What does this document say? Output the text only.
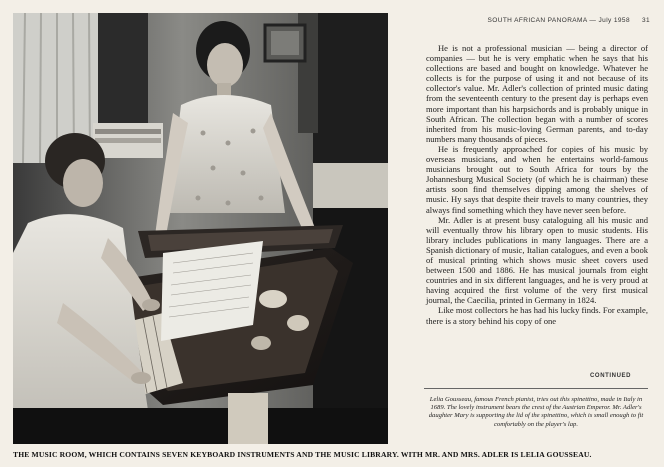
SOUTH AFRICAN PANORAMA — July 1958 31

He is not a professional musician — being a director of companies — but he is very emphatic when he says that his collections are based and bought on knowledge. Whatever he collects is for the purpose of using it and not because of its collector's value. Mr. Adler's collection of printed music dating from the seventeenth century to the present day is perhaps even more important than his harpsichords and is probably unique in South African. The collection began with a number of scores inherited from his music-loving German parents, and to-day numbers many thousands of pieces.

He is frequently approached for copies of his music by overseas musicians, and when he entertains world-famous musicians brought out to South Africa for tours by the Johannesburg Musical Society (of which he is chairman) these artists soon find themselves dipping among the shelves of music. Hy says that despite their travels to many countries, they always find something which they have never seen before.

Mr. Adler is at present busy cataloguing all his music and will eventually throw his library open to music students. His library includes publications in many languages. There are a Spanish dictionary of music, Italian catalogues, and even a book of musical printing which shows music sheet covers used between 1500 and 1886. He has musical journals from eight countries and in six different languages, and he is very proud at having acquired the first volume of the very first musical journal, the Caecilia, printed in Germany in 1824.

Like most collectors he has had his lucky finds. For example, there is a story behind his copy of one

CONTINUED
Lelia Gousseau, famous French pianist, tries out this spinettino, made in Italy in 1689. The lovely instrument bears the crest of the Austrian Emperor. Mr. Adler's daughter Mary is supporting the lid of the spinettino, which is small enough to fit comfortably on the player's lap.
THE MUSIC ROOM, WHICH CONTAINS SEVEN KEYBOARD INSTRUMENTS AND THE MUSIC LIBRARY. WITH MR. AND MRS. ADLER IS LELIA GOUSSEAU.
